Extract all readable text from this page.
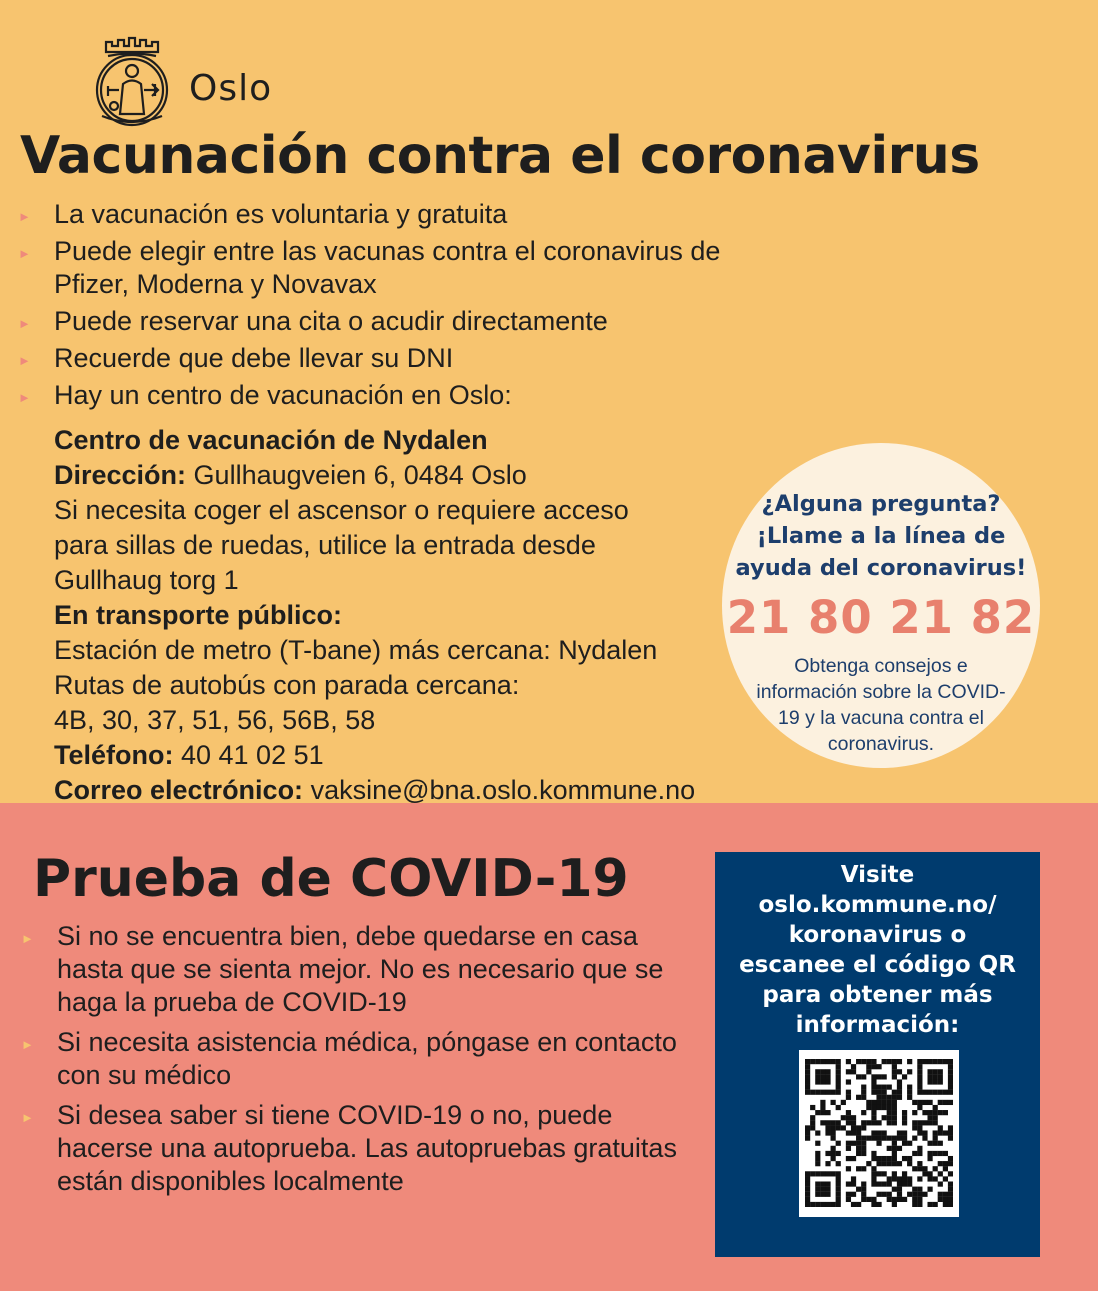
Oslo
Vacunación contra el coronavirus
► La vacunación es voluntaria y gratuita
► Puede elegir entre las vacunas contra el coronavirus de Pfizer, Moderna y Novavax
► Puede reservar una cita o acudir directamente
► Recuerde que debe llevar su DNI
► Hay un centro de vacunación en Oslo:
Centro de vacunación de Nydalen
Dirección: Gullhaugveien 6, 0484 Oslo
Si necesita coger el ascensor o requiere acceso
para sillas de ruedas, utilice la entrada desde
Gullhaug torg 1
En transporte público:
Estación de metro (T-bane) más cercana: Nydalen
Rutas de autobús con parada cercana:
4B, 30, 37, 51, 56, 56B, 58
Teléfono: 40 41 02 51
Correo electrónico: vaksine@bna.oslo.kommune.no
¿Alguna pregunta?
¡Llame a la línea de
ayuda del coronavirus!
21 80 21 82
Obtenga consejos e
información sobre la COVID-
19 y la vacuna contra el
coronavirus.
Prueba de COVID-19
► Si no se encuentra bien, debe quedarse en casa hasta que se sienta mejor. No es necesario que se haga la prueba de COVID-19
► Si necesita asistencia médica, póngase en contacto con su médico
► Si desea saber si tiene COVID-19 o no, puede hacerse una autoprueba. Las autopruebas gratuitas están disponibles localmente
Visite
oslo.kommune.no/
koronavirus o
escanee el código QR
para obtener más
información:
